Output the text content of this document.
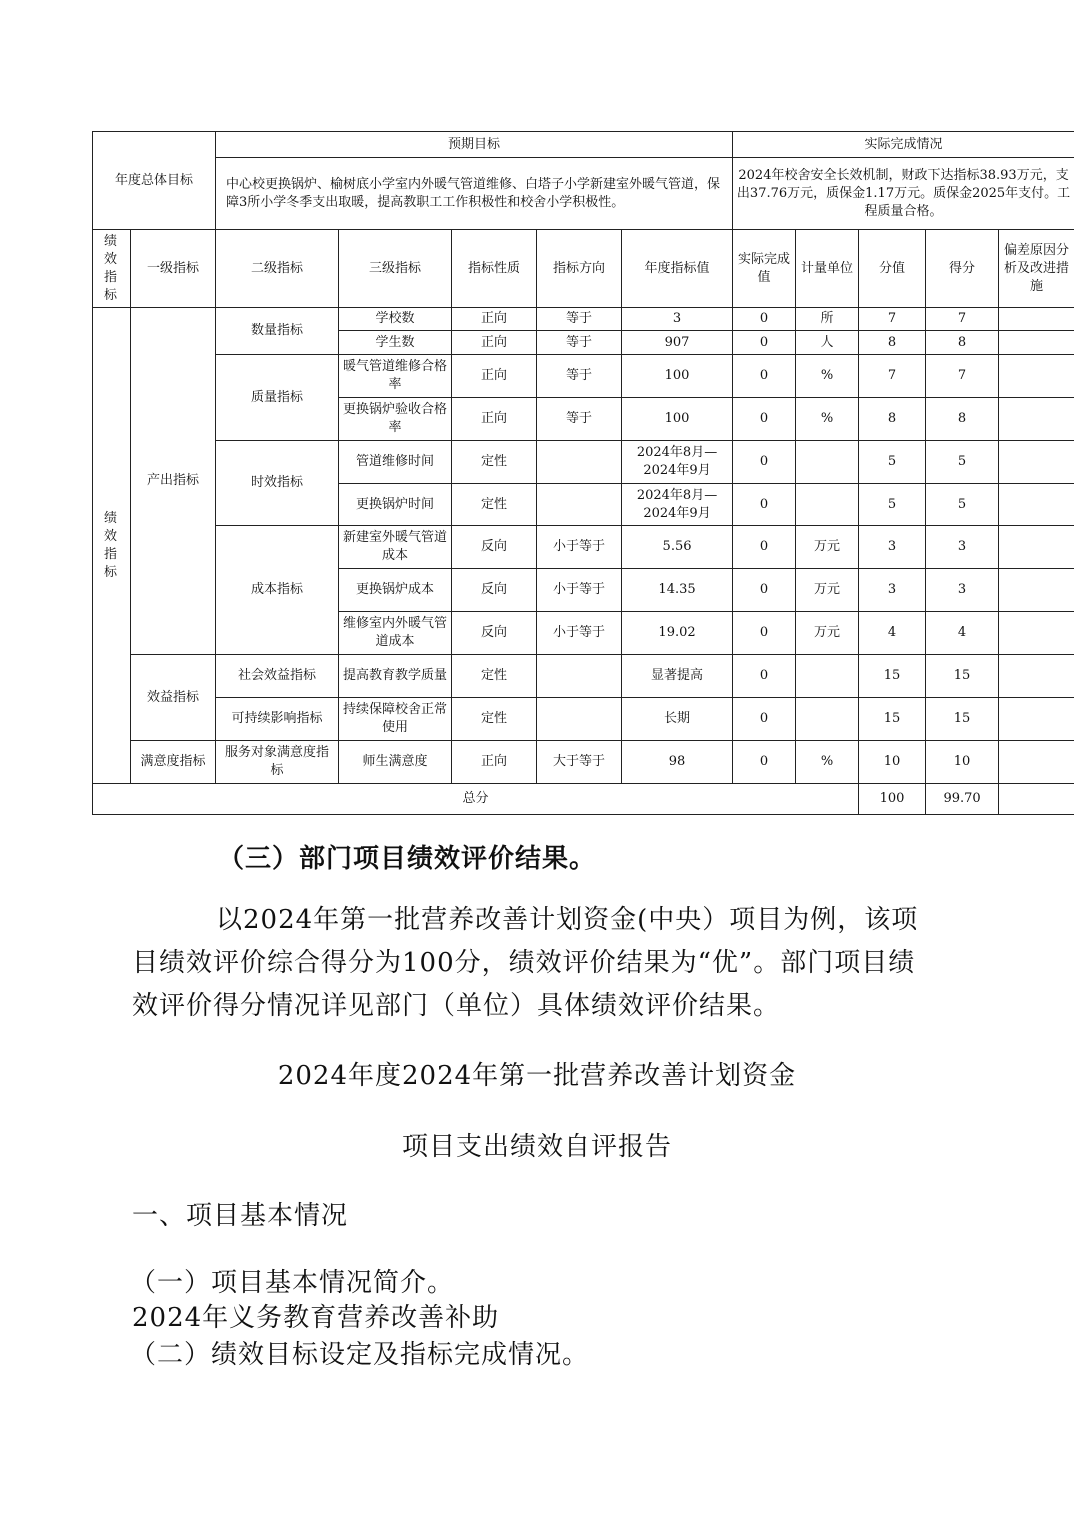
年度总体目标		预期目标					实际完成情况				
		中心校更换锅炉、榆树底小学室内外暖气管道维修、白塔子小学新建室外暖气管道，保障3所小学冬季支出取暖，提高教职工工作积极性和校舍小学积极性。					2024年校舍安全长效机制，财政下达指标38.93万元，支出37.76万元，质保金1.17万元。质保金2025年支付。工程质量合格。				
绩效指标	一级指标	二级指标	三级指标	指标性质	指标方向	年度指标值	实际完成值	计量单位	分值	得分	偏差原因分析及改进措施
绩效指标	产出指标	数量指标	学校数	正向	等于	3	0	所	7	7	
			学生数	正向	等于	907	0	人	8	8	
		质量指标	暖气管道维修合格率	正向	等于	100	0	%	7	7	
			更换锅炉验收合格率	正向	等于	100	0	%	8	8	
		时效指标	管道维修时间	定性		2024年8月—2024年9月	0		5	5	
			更换锅炉时间	定性		2024年8月—2024年9月	0		5	5	
		成本指标	新建室外暖气管道成本	反向	小于等于	5.56	0	万元	3	3	
			更换锅炉成本	反向	小于等于	14.35	0	万元	3	3	
			维修室内外暖气管道成本	反向	小于等于	19.02	0	万元	4	4	
	效益指标	社会效益指标	提高教育教学质量	定性		显著提高	0		15	15	
		可持续影响指标	持续保障校舍正常使用	定性		长期	0		15	15	
	满意度指标	服务对象满意度指标	师生满意度	正向	大于等于	98	0	%	10	10	
总分									100	99.70	
（三）部门项目绩效评价结果。
以2024年第一批营养改善计划资金(中央）项目为例，该项目绩效评价综合得分为100分，绩效评价结果为“优”。部门项目绩效评价得分情况详见部门（单位）具体绩效评价结果。
2024年度2024年第一批营养改善计划资金
项目支出绩效自评报告
一、项目基本情况
（一）项目基本情况简介。
2024年义务教育营养改善补助
（二）绩效目标设定及指标完成情况。
